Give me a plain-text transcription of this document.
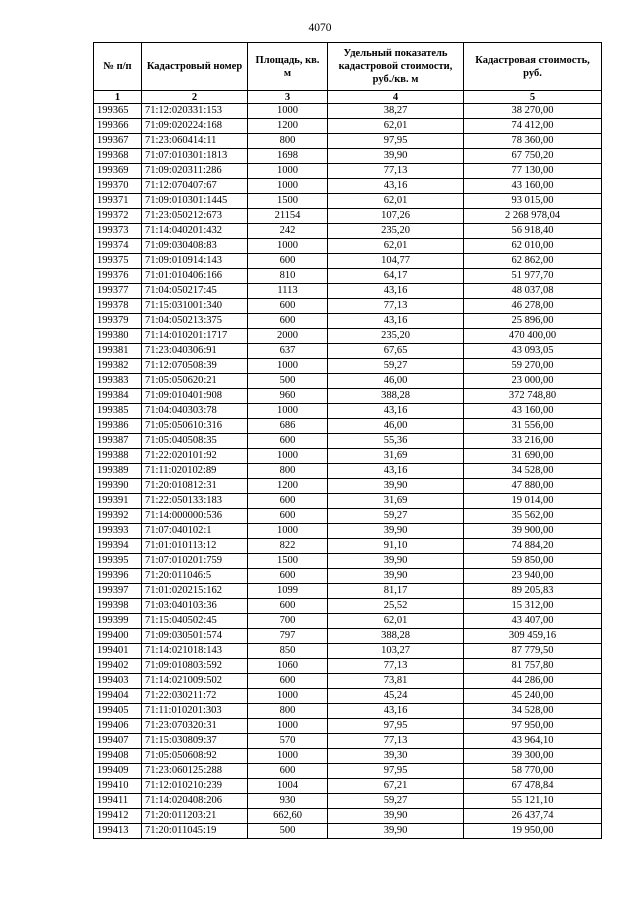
4070
№ п/п	Кадастровый номер	Площадь, кв. м	Удельный показатель кадастровой стоимости, руб./кв. м	Кадастровая стоимость, руб.
1	2	3	4	5
199365	71:12:020331:153	1000	38,27	38 270,00
199366	71:09:020224:168	1200	62,01	74 412,00
199367	71:23:060414:11	800	97,95	78 360,00
199368	71:07:010301:1813	1698	39,90	67 750,20
199369	71:09:020311:286	1000	77,13	77 130,00
199370	71:12:070407:67	1000	43,16	43 160,00
199371	71:09:010301:1445	1500	62,01	93 015,00
199372	71:23:050212:673	21154	107,26	2 268 978,04
199373	71:14:040201:432	242	235,20	56 918,40
199374	71:09:030408:83	1000	62,01	62 010,00
199375	71:09:010914:143	600	104,77	62 862,00
199376	71:01:010406:166	810	64,17	51 977,70
199377	71:04:050217:45	1113	43,16	48 037,08
199378	71:15:031001:340	600	77,13	46 278,00
199379	71:04:050213:375	600	43,16	25 896,00
199380	71:14:010201:1717	2000	235,20	470 400,00
199381	71:23:040306:91	637	67,65	43 093,05
199382	71:12:070508:39	1000	59,27	59 270,00
199383	71:05:050620:21	500	46,00	23 000,00
199384	71:09:010401:908	960	388,28	372 748,80
199385	71:04:040303:78	1000	43,16	43 160,00
199386	71:05:050610:316	686	46,00	31 556,00
199387	71:05:040508:35	600	55,36	33 216,00
199388	71:22:020101:92	1000	31,69	31 690,00
199389	71:11:020102:89	800	43,16	34 528,00
199390	71:20:010812:31	1200	39,90	47 880,00
199391	71:22:050133:183	600	31,69	19 014,00
199392	71:14:000000:536	600	59,27	35 562,00
199393	71:07:040102:1	1000	39,90	39 900,00
199394	71:01:010113:12	822	91,10	74 884,20
199395	71:07:010201:759	1500	39,90	59 850,00
199396	71:20:011046:5	600	39,90	23 940,00
199397	71:01:020215:162	1099	81,17	89 205,83
199398	71:03:040103:36	600	25,52	15 312,00
199399	71:15:040502:45	700	62,01	43 407,00
199400	71:09:030501:574	797	388,28	309 459,16
199401	71:14:021018:143	850	103,27	87 779,50
199402	71:09:010803:592	1060	77,13	81 757,80
199403	71:14:021009:502	600	73,81	44 286,00
199404	71:22:030211:72	1000	45,24	45 240,00
199405	71:11:010201:303	800	43,16	34 528,00
199406	71:23:070320:31	1000	97,95	97 950,00
199407	71:15:030809:37	570	77,13	43 964,10
199408	71:05:050608:92	1000	39,30	39 300,00
199409	71:23:060125:288	600	97,95	58 770,00
199410	71:12:010210:239	1004	67,21	67 478,84
199411	71:14:020408:206	930	59,27	55 121,10
199412	71:20:011203:21	662,60	39,90	26 437,74
199413	71:20:011045:19	500	39,90	19 950,00
